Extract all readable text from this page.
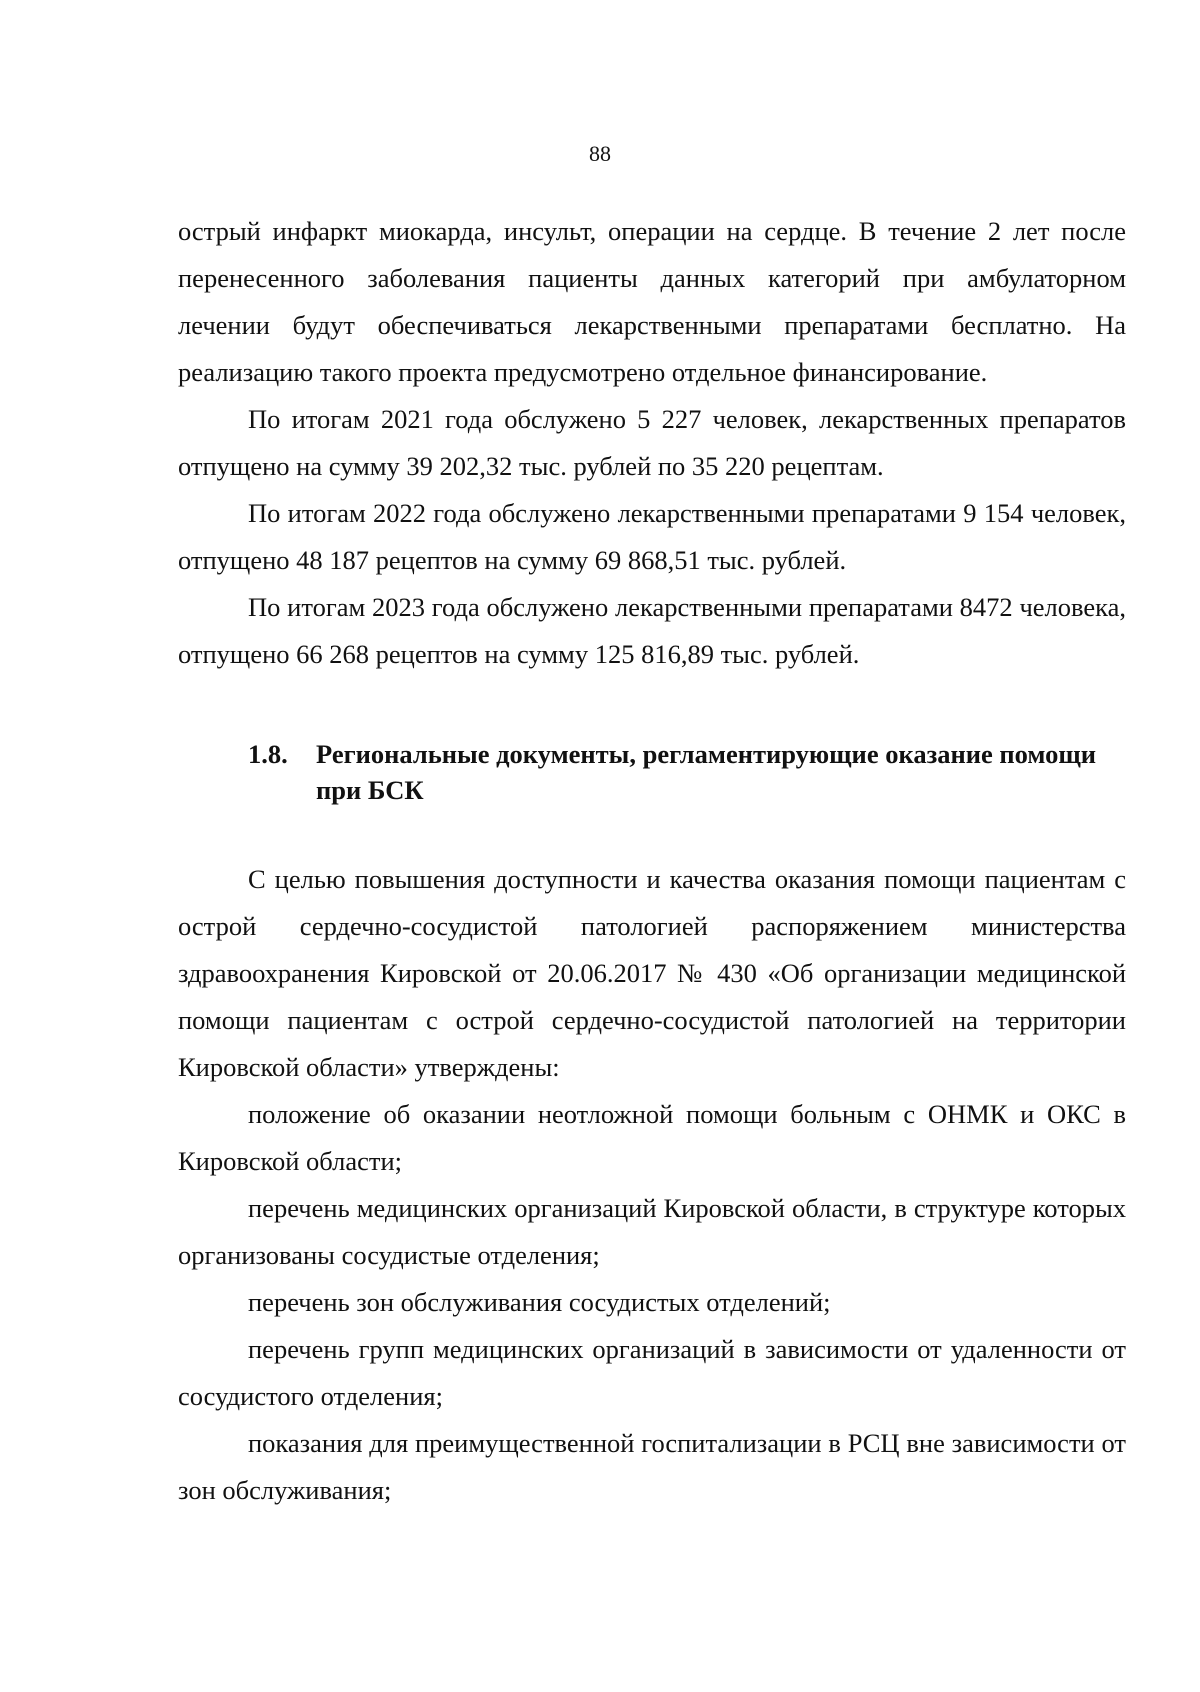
88

острый инфаркт миокарда, инсульт, операции на сердце. В течение 2 лет после перенесенного заболевания пациенты данных категорий при амбулаторном лечении будут обеспечиваться лекарственными препаратами бесплатно. На реализацию такого проекта предусмотрено отдельное финансирование.

По итогам 2021 года обслужено 5 227 человек, лекарственных препаратов отпущено на сумму 39 202,32 тыс. рублей по 35 220 рецептам.

По итогам 2022 года обслужено лекарственными препаратами 9 154 человек, отпущено 48 187 рецептов на сумму 69 868,51 тыс. рублей.

По итогам 2023 года обслужено лекарственными препаратами 8472 человека, отпущено 66 268 рецептов на сумму 125 816,89 тыс. рублей.

1.8.	Региональные документы, регламентирующие оказание помощи при БСК

С целью повышения доступности и качества оказания помощи пациентам с острой сердечно-сосудистой патологией распоряжением министерства здравоохранения Кировской от 20.06.2017 № 430 «Об организации медицинской помощи пациентам с острой сердечно-сосудистой патологией на территории Кировской области» утверждены:

положение об оказании неотложной помощи больным с ОНМК и ОКС в Кировской области;

перечень медицинских организаций Кировской области, в структуре которых организованы сосудистые отделения;

перечень зон обслуживания сосудистых отделений;

перечень групп медицинских организаций в зависимости от удаленности от сосудистого отделения;

показания для преимущественной госпитализации в РСЦ вне зависимости от зон обслуживания;
